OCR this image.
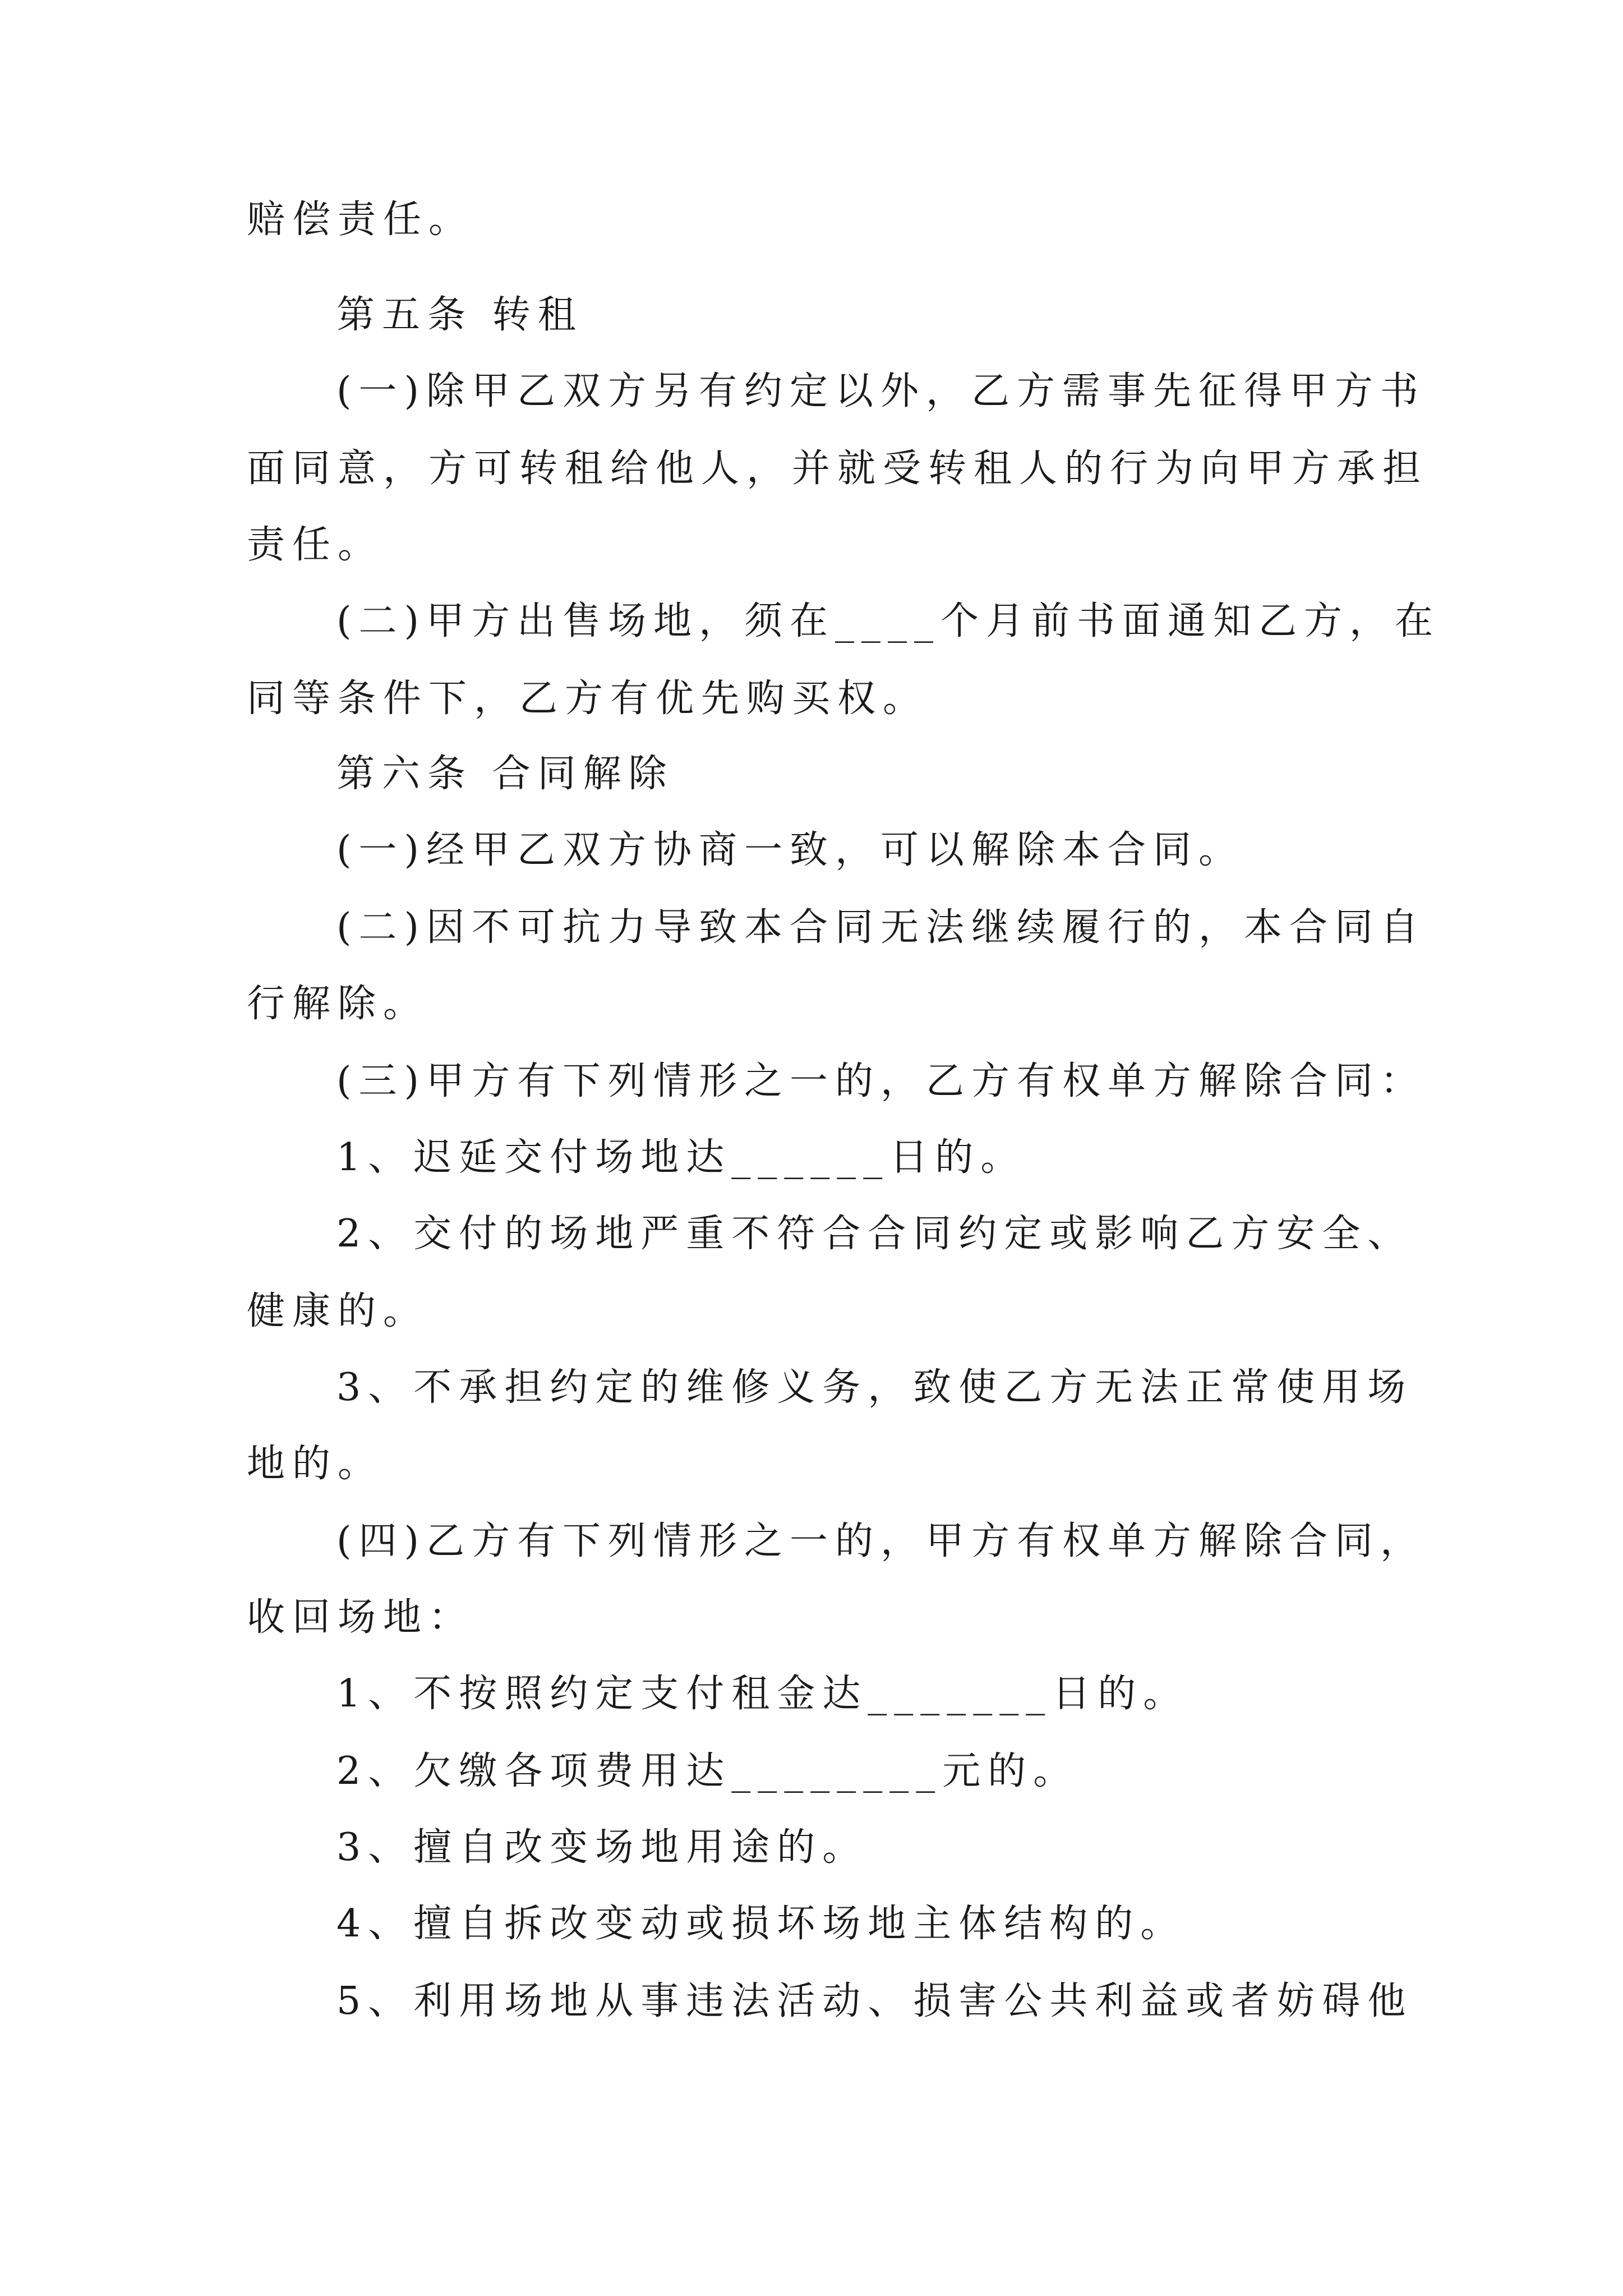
赔偿责任。
第五条 转租
(一)除甲乙双方另有约定以外，乙方需事先征得甲方书
面同意，方可转租给他人，并就受转租人的行为向甲方承担
责任。
(二)甲方出售场地，须在____个月前书面通知乙方，在
同等条件下，乙方有优先购买权。
第六条 合同解除
(一)经甲乙双方协商一致，可以解除本合同。
(二)因不可抗力导致本合同无法继续履行的，本合同自
行解除。
(三)甲方有下列情形之一的，乙方有权单方解除合同：
1、迟延交付场地达______日的。
2、交付的场地严重不符合合同约定或影响乙方安全、
健康的。
3、不承担约定的维修义务，致使乙方无法正常使用场
地的。
(四)乙方有下列情形之一的，甲方有权单方解除合同，
收回场地：
1、不按照约定支付租金达_______日的。
2、欠缴各项费用达________元的。
3、擅自改变场地用途的。
4、擅自拆改变动或损坏场地主体结构的。
5、利用场地从事违法活动、损害公共利益或者妨碍他
